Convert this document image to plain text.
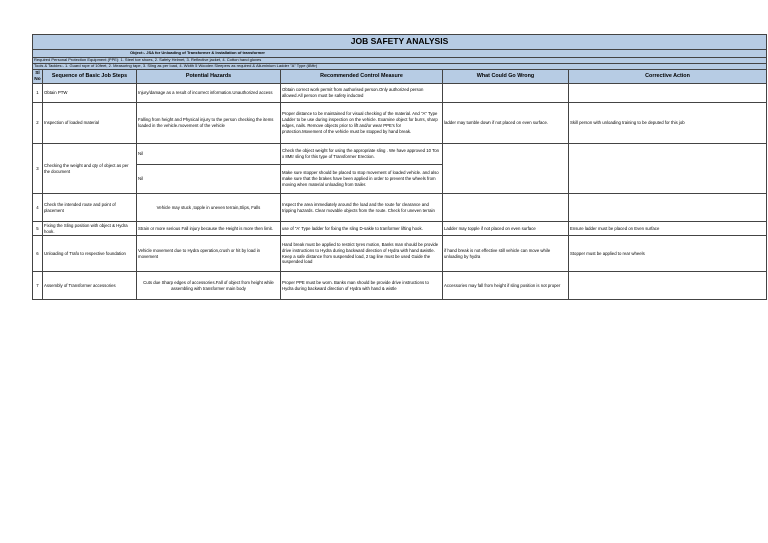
JOB SAFETY ANALYSIS					
Object:- JSA for Unloading of Transformer & Installation of transformer					
Required Personal Protection Equipment (PPE): 1. Steel toe shoes, 2. Safety Helmet, 3. Reflective jacket, 4. Cotton hand gloves					
Tools & Tackles:- 1. Guard rope of 10feet, 2. Measuring tape, 3. Sling as per load, 4. Width 5 Wooden Sleepers as required & Alluminium Ladder "A" Type (8Mtr)					
Sl No	Sequence of Basic Job Steps	Potential Hazards	Recommended Control Measure	What Could Go Wrong	Corrective Action
1	Obtain PTW	Injury/damage as a result of incorrect information.Unauthorized access	Obtain correct work permit from authorised person.Only authorized person allowed.All person must be safety inducted		
2	Inspection of loaded material	Falling from height and Physical injury to the person checking the items loaded in the vehicle.movement of the vehicle	Proper distance to be maintained for visual checking of the material. And "A" Type Ladder to be use during inspection on the vehicle. Examine object for burrs, sharp edges, nails. Remove objects prior to lift and/or wear PPE's for protection.Movement of the vehicle must be stopped by hand break.	ladder may tumble down if not placed on even surface.	Skill person with unloading training to be deputed for this job
3	Checking the weight and qty of object as per the document	Nil	Check the object weight for using the appropriate sling . We have approved 10 Ton x 8Mtr sling for this type of Transformer Erection.		
		Nil	Make sure stopper should be placed to stop movement of loaded vehicle. and also make sure that the brakes have been applied in order to prevent the wheels from moving when material unloading from trailer.		
4	Check the intended route and point of placement	Vehicle may stuck ,topple in uneven terrain,Slips, Falls	Inspect the area immediately around the load and the route for clearance and tripping hazards. Clear movable objects from the route. Check for uneven terrain		
5	Fixing the Sling position with object & Hydra hook.	Strain or more serious Fall injury because the Height is more then limit.	use of "A' Type ladder for fixing the sling D-sakle to tranformer lifting hook.	Ladder may topple if not placed on even surface	Ensure ladder must be placed on Even surface
6	Unloading of Trafo to respective foundation	Vehicle movement due to Hydra operation,crush or hit by load in movement	Hand break must be applied to restrict tyres motion, Banks man should be provide drive instructions to Hydra during backward direction of Hydra with hand &wistle. Keep a safe distance from suspended load, 2 tag line must be used Guide the suspended load	if hand break is not effective still vehicle can move while unloading by hydra	Stopper must be applied to rear wheels
7	Assembly of Transformer accessories	Cuts due Sharp edges of accessories.Fall of object from height while assembling with transformer main body	Proper PPE must be worn. Banks man should be provide drive instructions to Hydra during backward direction of Hydra with hand & wistle	Accessories may fall from height if sling position is not proper	
